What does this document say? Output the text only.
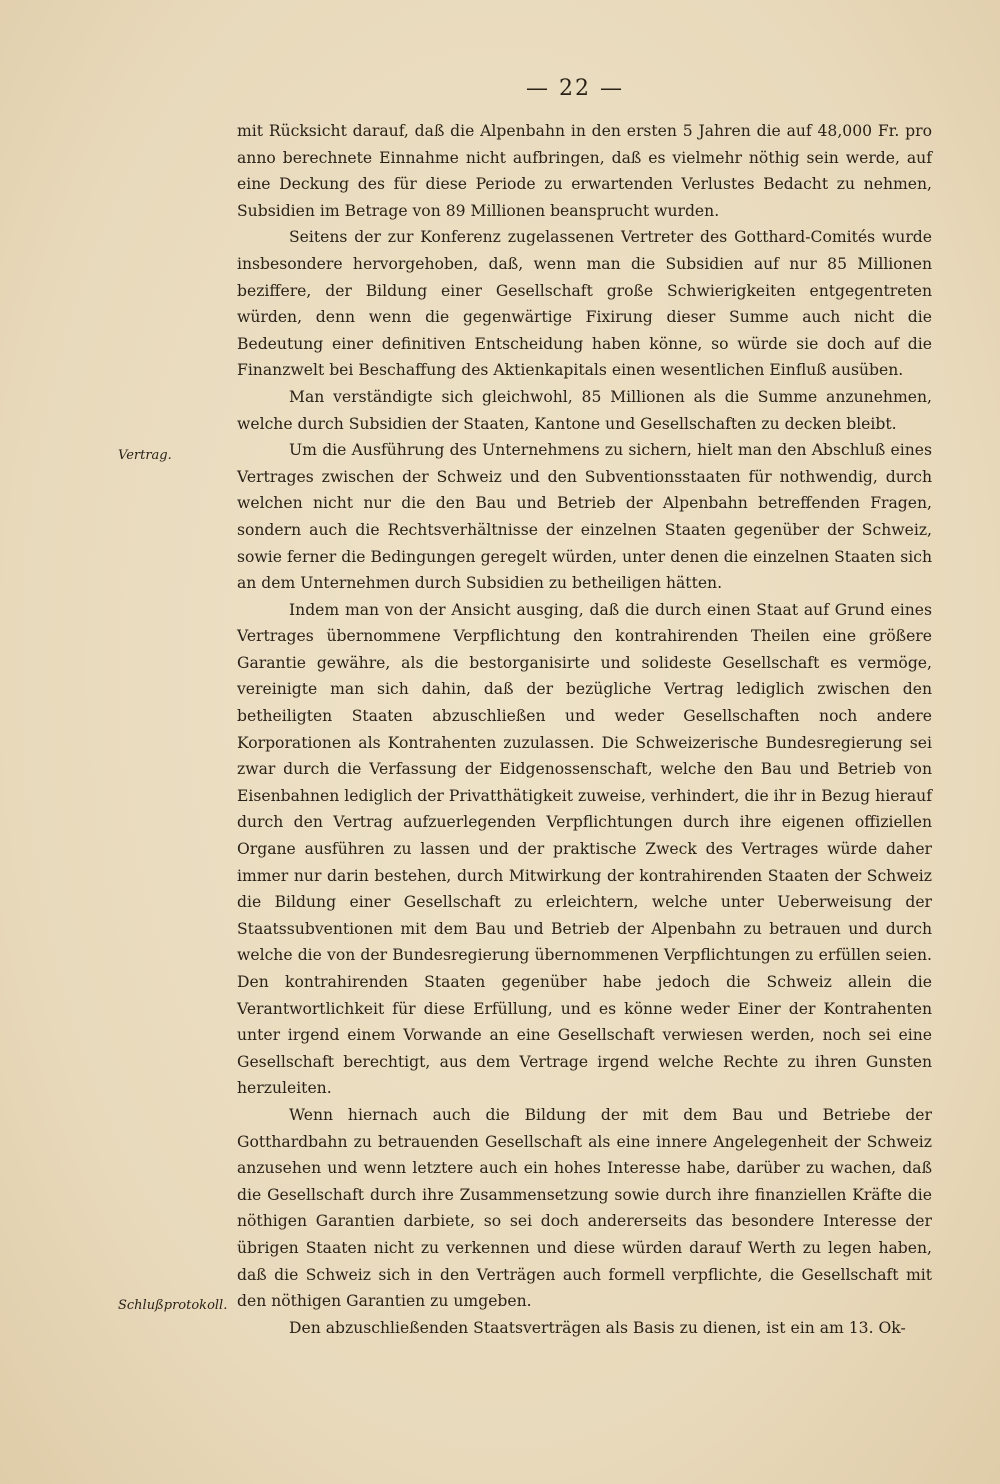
— 22 —
Vertrag.
Schlußprotokoll.

mit Rücksicht darauf, daß die Alpenbahn in den ersten 5 Jahren die auf 48,000 Fr. pro anno berechnete Einnahme nicht aufbringen, daß es vielmehr nöthig sein werde, auf eine Deckung des für diese Periode zu erwartenden Verlustes Bedacht zu nehmen, Subsidien im Betrage von 89 Millionen beansprucht wurden.

Seitens der zur Konferenz zugelassenen Vertreter des Gotthard-Comités wurde insbesondere hervorgehoben, daß, wenn man die Subsidien auf nur 85 Millionen beziffere, der Bildung einer Gesellschaft große Schwierigkeiten entgegentreten würden, denn wenn die gegenwärtige Fixirung dieser Summe auch nicht die Bedeutung einer definitiven Entscheidung haben könne, so würde sie doch auf die Finanzwelt bei Beschaffung des Aktienkapitals einen wesentlichen Einfluß ausüben.

Man verständigte sich gleichwohl, 85 Millionen als die Summe anzunehmen, welche durch Subsidien der Staaten, Kantone und Gesellschaften zu decken bleibt.

Um die Ausführung des Unternehmens zu sichern, hielt man den Abschluß eines Vertrages zwischen der Schweiz und den Subventionsstaaten für nothwendig, durch welchen nicht nur die den Bau und Betrieb der Alpenbahn betreffenden Fragen, sondern auch die Rechtsverhältnisse der einzelnen Staaten gegenüber der Schweiz, sowie ferner die Bedingungen geregelt würden, unter denen die einzelnen Staaten sich an dem Unternehmen durch Subsidien zu betheiligen hätten.

Indem man von der Ansicht ausging, daß die durch einen Staat auf Grund eines Vertrages übernommene Verpflichtung den kontrahirenden Theilen eine größere Garantie gewähre, als die bestorganisirte und solideste Gesellschaft es vermöge, vereinigte man sich dahin, daß der bezügliche Vertrag lediglich zwischen den betheiligten Staaten abzuschließen und weder Gesellschaften noch andere Korporationen als Kontrahenten zuzulassen. Die Schweizerische Bundesregierung sei zwar durch die Verfassung der Eidgenossenschaft, welche den Bau und Betrieb von Eisenbahnen lediglich der Privatthätigkeit zuweise, verhindert, die ihr in Bezug hierauf durch den Vertrag aufzuerlegenden Verpflichtungen durch ihre eigenen offiziellen Organe ausführen zu lassen und der praktische Zweck des Vertrages würde daher immer nur darin bestehen, durch Mitwirkung der kontrahirenden Staaten der Schweiz die Bildung einer Gesellschaft zu erleichtern, welche unter Ueberweisung der Staatssubventionen mit dem Bau und Betrieb der Alpenbahn zu betrauen und durch welche die von der Bundesregierung übernommenen Verpflichtungen zu erfüllen seien. Den kontrahirenden Staaten gegenüber habe jedoch die Schweiz allein die Verantwortlichkeit für diese Erfüllung, und es könne weder Einer der Kontrahenten unter irgend einem Vorwande an eine Gesellschaft verwiesen werden, noch sei eine Gesellschaft berechtigt, aus dem Vertrage irgend welche Rechte zu ihren Gunsten herzuleiten.

Wenn hiernach auch die Bildung der mit dem Bau und Betriebe der Gotthardbahn zu betrauenden Gesellschaft als eine innere Angelegenheit der Schweiz anzusehen und wenn letztere auch ein hohes Interesse habe, darüber zu wachen, daß die Gesellschaft durch ihre Zusammensetzung sowie durch ihre finanziellen Kräfte die nöthigen Garantien darbiete, so sei doch andererseits das besondere Interesse der übrigen Staaten nicht zu verkennen und diese würden darauf Werth zu legen haben, daß die Schweiz sich in den Verträgen auch formell verpflichte, die Gesellschaft mit den nöthigen Garantien zu umgeben.

Den abzuschließenden Staatsverträgen als Basis zu dienen, ist ein am 13. Ok-
